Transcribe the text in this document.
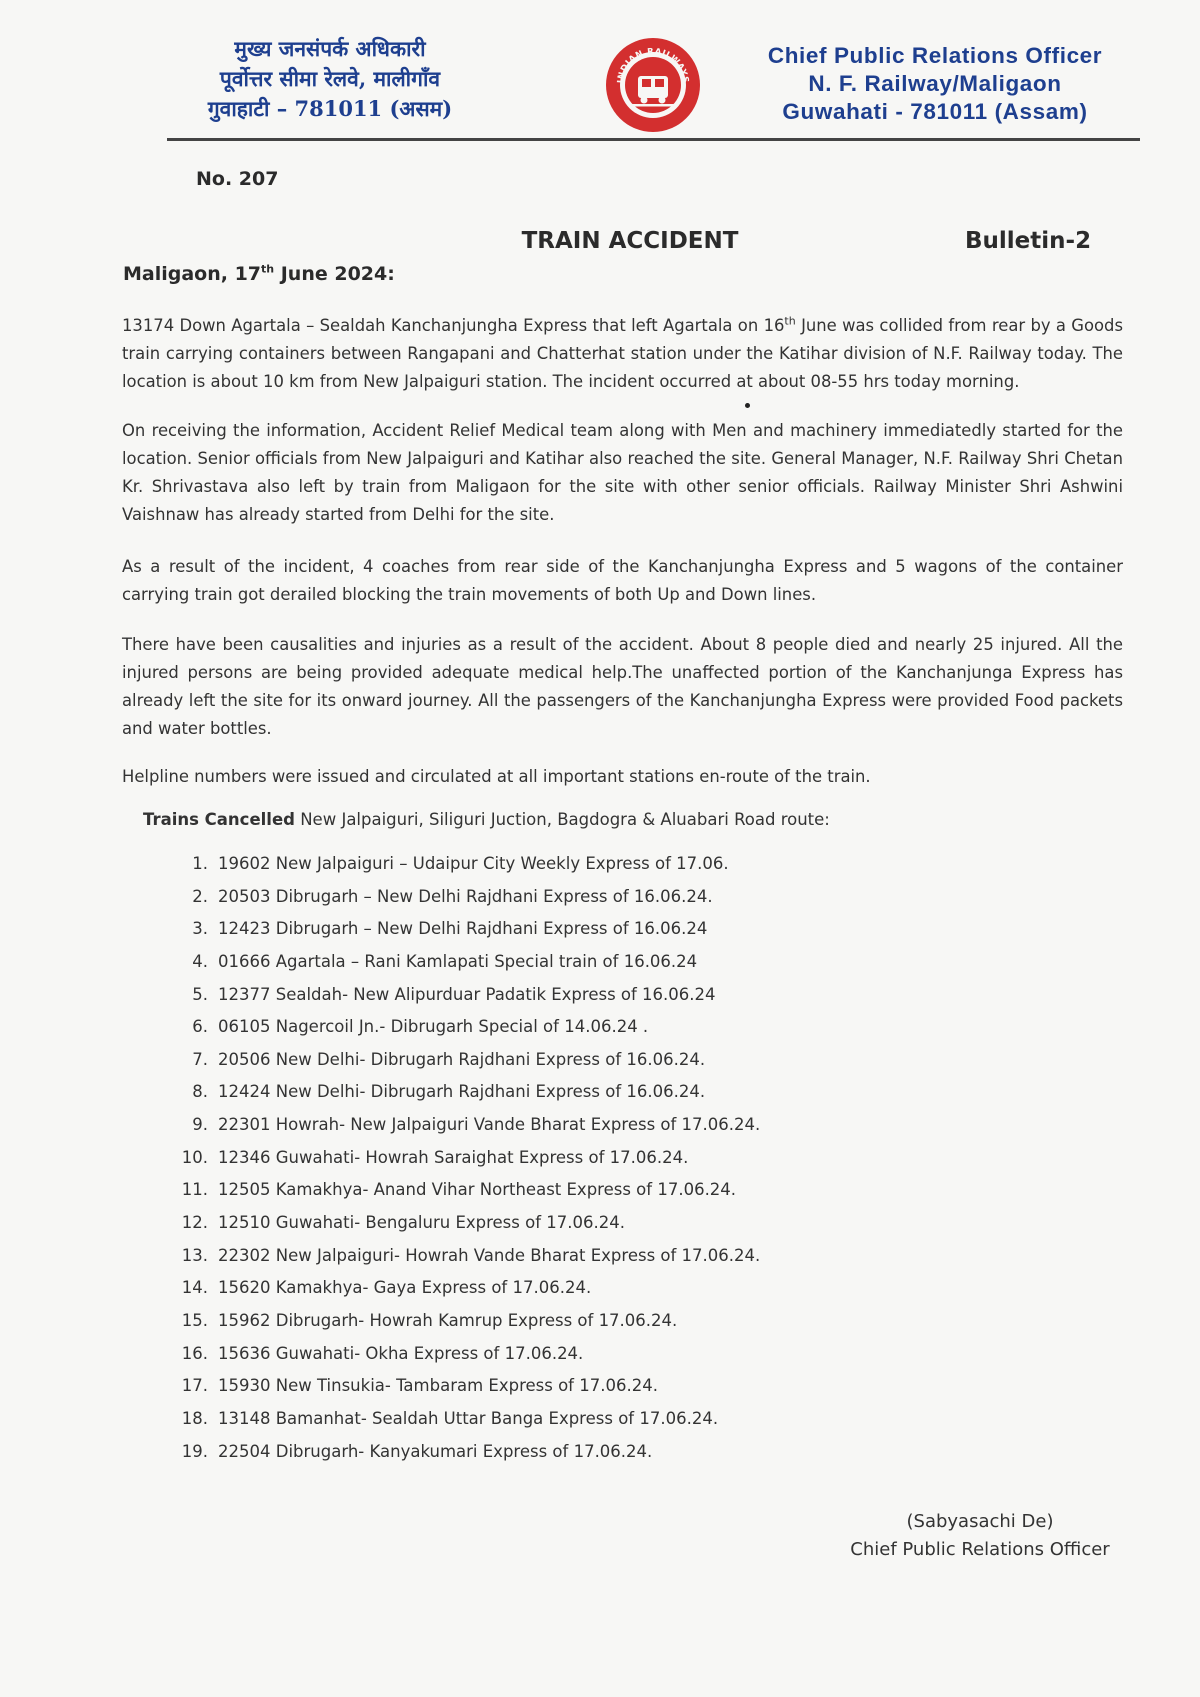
मुख्य जनसंपर्क अधिकारी
पूर्वोत्तर सीमा रेलवे, मालीगाँव
गुवाहाटी – 781011 (असम)
INDIAN RAILWAYS
Chief Public Relations Officer
N. F. Railway/Maligaon
Guwahati - 781011 (Assam)
No. 207
TRAIN ACCIDENT	Bulletin-2
Maligaon, 17th June 2024:
13174 Down Agartala – Sealdah Kanchanjungha Express that left Agartala on 16th June was collided from rear by a Goods train carrying containers between Rangapani and Chatterhat station under the Katihar division of N.F. Railway today. The location is about 10 km from New Jalpaiguri station. The incident occurred at about 08-55 hrs today morning.
On receiving the information, Accident Relief Medical team along with Men and machinery immediatedly started for the location. Senior officials from New Jalpaiguri and Katihar also reached the site. General Manager, N.F. Railway Shri Chetan Kr. Shrivastava also left by train from Maligaon for the site with other senior officials. Railway Minister Shri Ashwini Vaishnaw has already started from Delhi for the site.
As a result of the incident, 4 coaches from rear side of the Kanchanjungha Express and 5 wagons of the container carrying train got derailed blocking the train movements of both Up and Down lines.
There have been causalities and injuries as a result of the accident. About 8 people died and nearly 25 injured. All the injured persons are being provided adequate medical help.The unaffected portion of the Kanchanjunga Express has already left the site for its onward journey. All the passengers of the Kanchanjungha Express were provided Food packets and water bottles.
Helpline numbers were issued and circulated at all important stations en-route of the train.
Trains Cancelled New Jalpaiguri, Siliguri Juction, Bagdogra & Aluabari Road route:
1. 19602 New Jalpaiguri – Udaipur City Weekly Express of 17.06.
2. 20503 Dibrugarh – New Delhi Rajdhani Express of 16.06.24.
3. 12423 Dibrugarh – New Delhi Rajdhani Express of 16.06.24
4. 01666 Agartala – Rani Kamlapati Special train of 16.06.24
5. 12377 Sealdah- New Alipurduar Padatik Express of 16.06.24
6. 06105 Nagercoil Jn.- Dibrugarh Special of 14.06.24 .
7. 20506 New Delhi- Dibrugarh Rajdhani Express of 16.06.24.
8. 12424 New Delhi- Dibrugarh Rajdhani Express of 16.06.24.
9. 22301 Howrah- New Jalpaiguri Vande Bharat Express of 17.06.24.
10. 12346 Guwahati- Howrah Saraighat Express of 17.06.24.
11. 12505 Kamakhya- Anand Vihar Northeast Express of 17.06.24.
12. 12510 Guwahati- Bengaluru Express of 17.06.24.
13. 22302 New Jalpaiguri- Howrah Vande Bharat Express of 17.06.24.
14. 15620 Kamakhya- Gaya Express of 17.06.24.
15. 15962 Dibrugarh- Howrah Kamrup Express of 17.06.24.
16. 15636 Guwahati- Okha Express of 17.06.24.
17. 15930 New Tinsukia- Tambaram Express of 17.06.24.
18. 13148 Bamanhat- Sealdah Uttar Banga Express of 17.06.24.
19. 22504 Dibrugarh- Kanyakumari Express of 17.06.24.
(Sabyasachi De)
Chief Public Relations Officer
